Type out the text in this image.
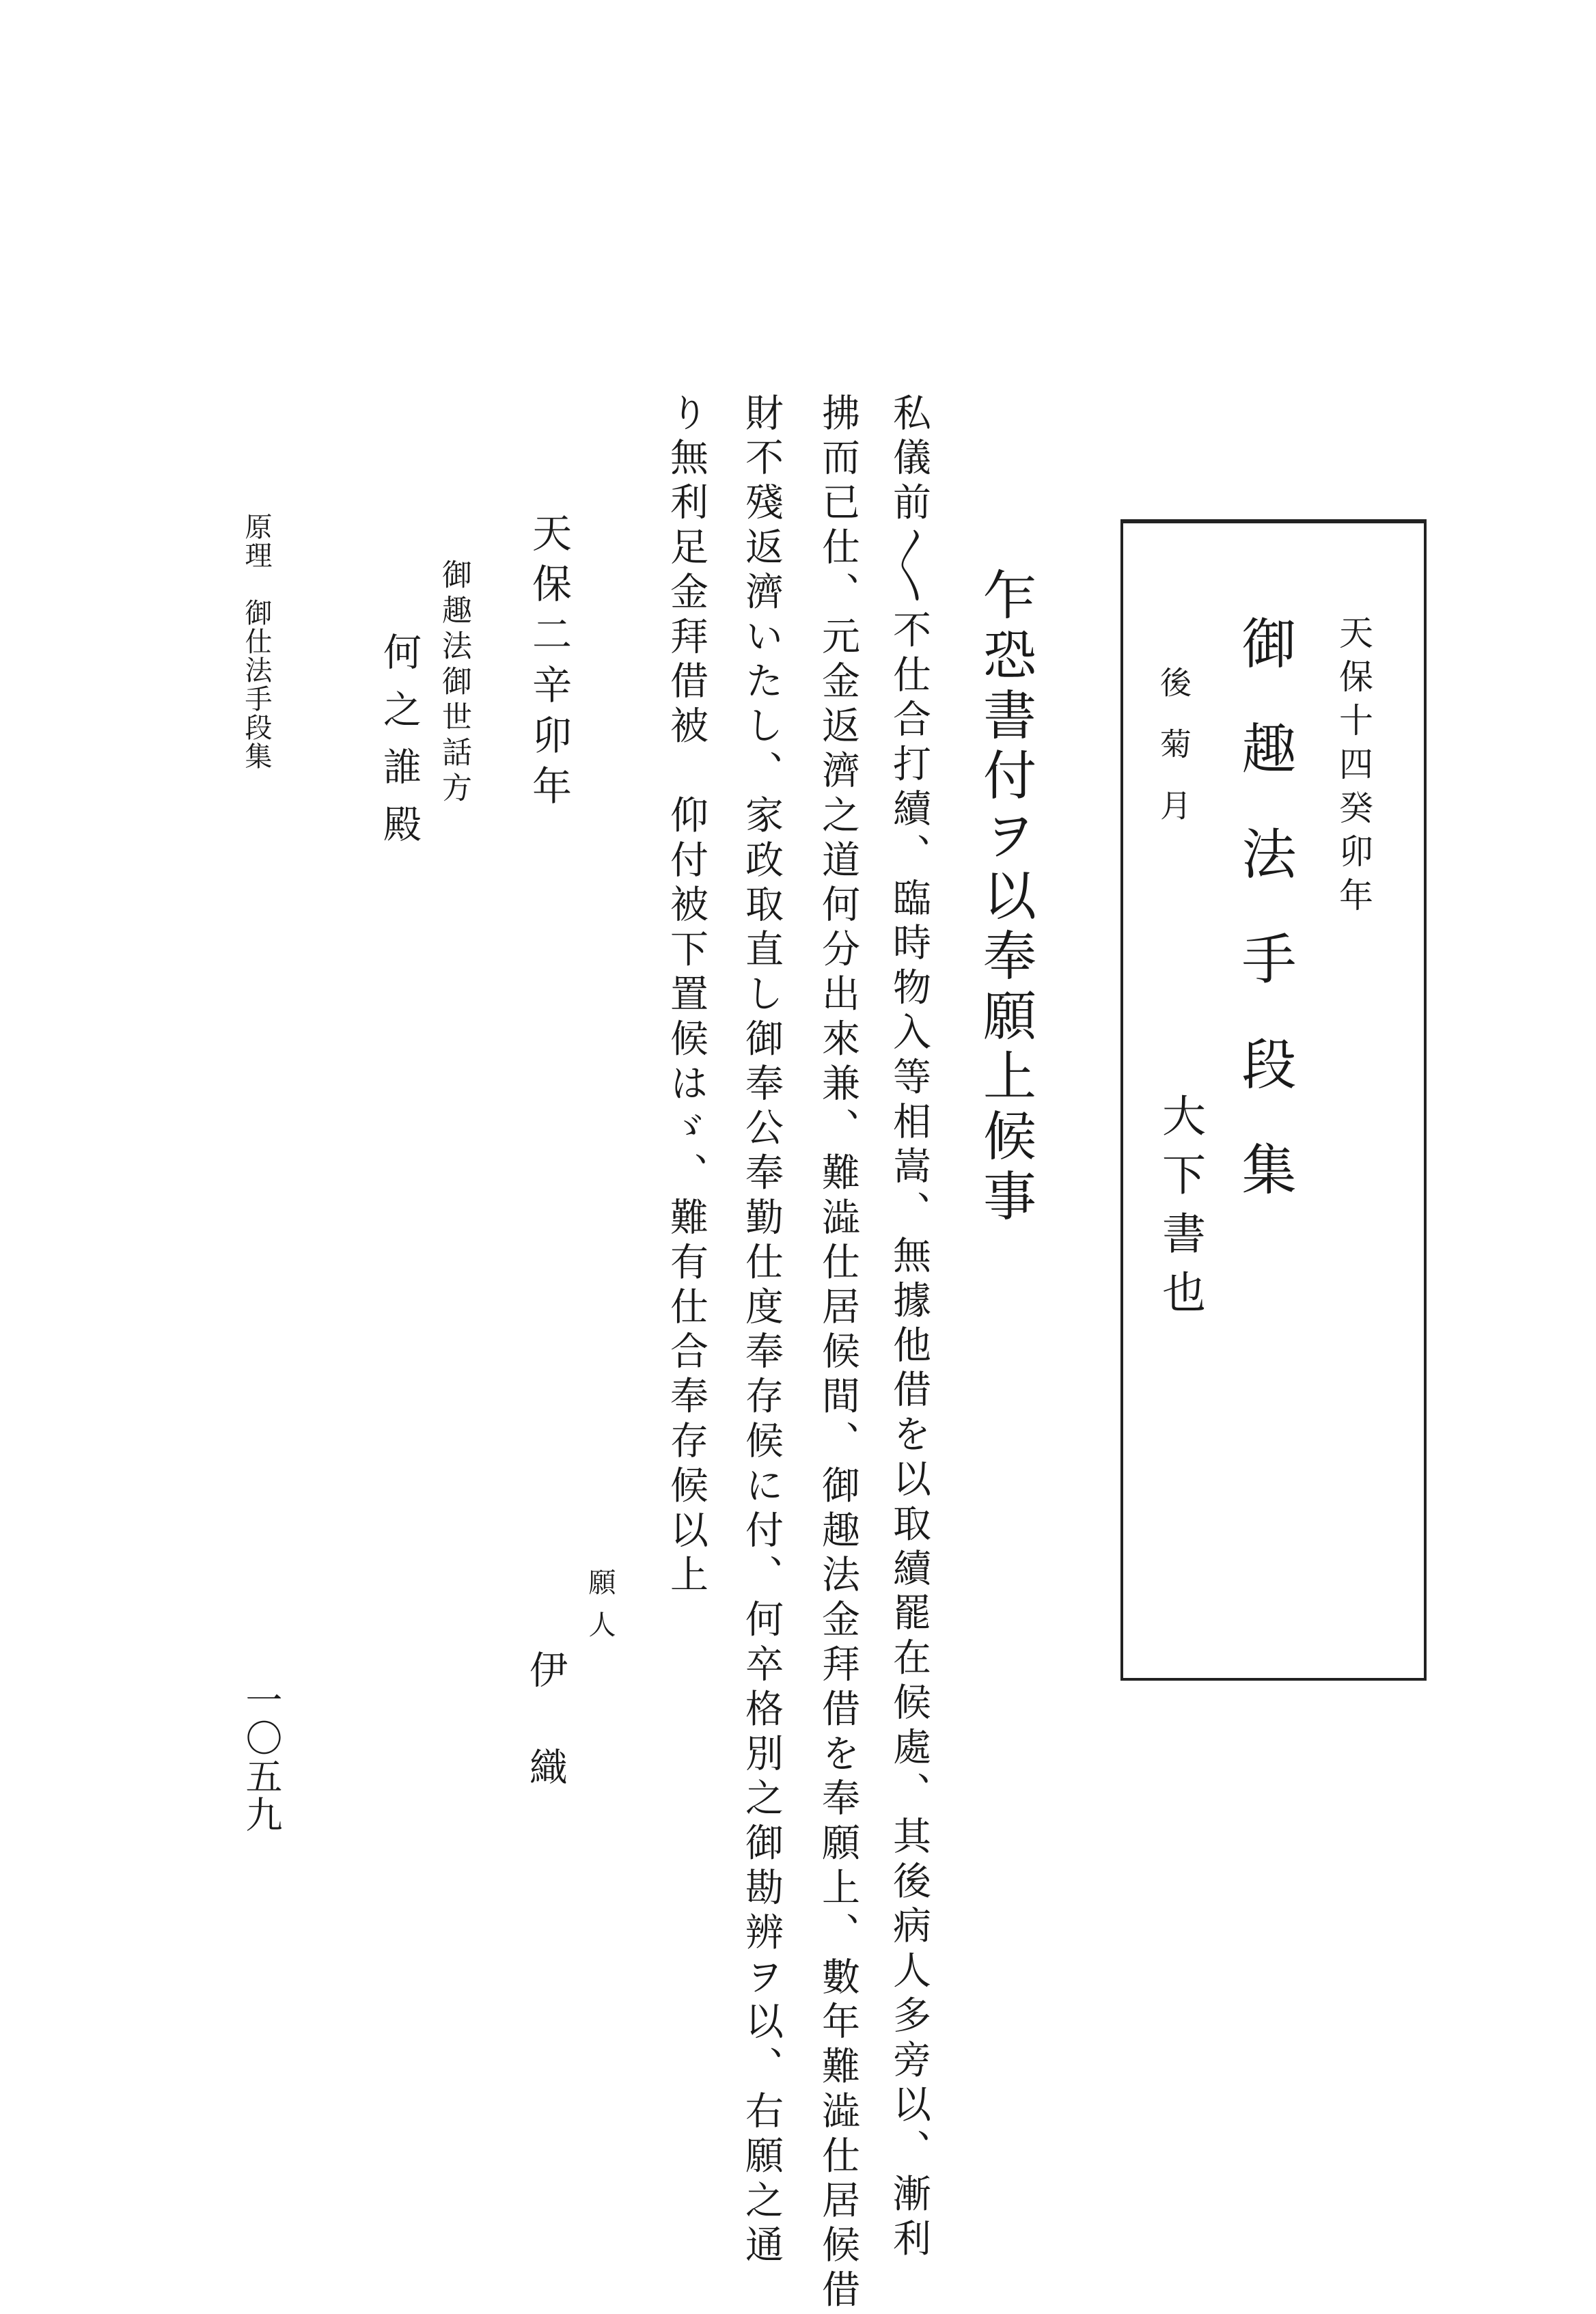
天保十四癸卯年

御趣法手段集

後菊月

大下書也

乍恐書付ヲ以奉願上候事

私儀前〳〵不仕合打續、臨時物入等相嵩、無據他借を以取續罷在候處、其後病人多旁以、漸利

拂而已仕、元金返濟之道何分出來兼、難澁仕居候間、御趣法金拜借を奉願上、數年難澁仕居候借

財不殘返濟いたし、家政取直し御奉公奉勤仕度奉存候に付、何卒格別之御勘辨ヲ以、右願之通

り無利足金拜借被　仰付被下置候はゞ、難有仕合奉存候以上

願人

伊織

天保二辛卯年

御趣法御世話方

何之誰殿

原理　御仕法手段集

一〇五九
